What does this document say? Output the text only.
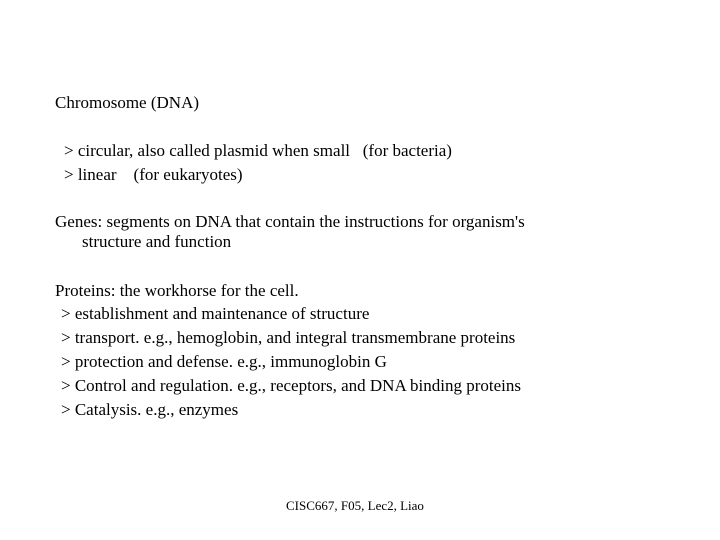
Chromosome (DNA)
> circular, also called plasmid when small   (for bacteria)
> linear    (for eukaryotes)
Genes: segments on DNA that contain the instructions for organism's
structure and function
Proteins: the workhorse for the cell.
> establishment and maintenance of structure
> transport. e.g., hemoglobin, and integral transmembrane proteins
> protection and defense. e.g., immunoglobin G
> Control and regulation. e.g., receptors, and DNA binding proteins
> Catalysis. e.g., enzymes
CISC667, F05, Lec2, Liao
